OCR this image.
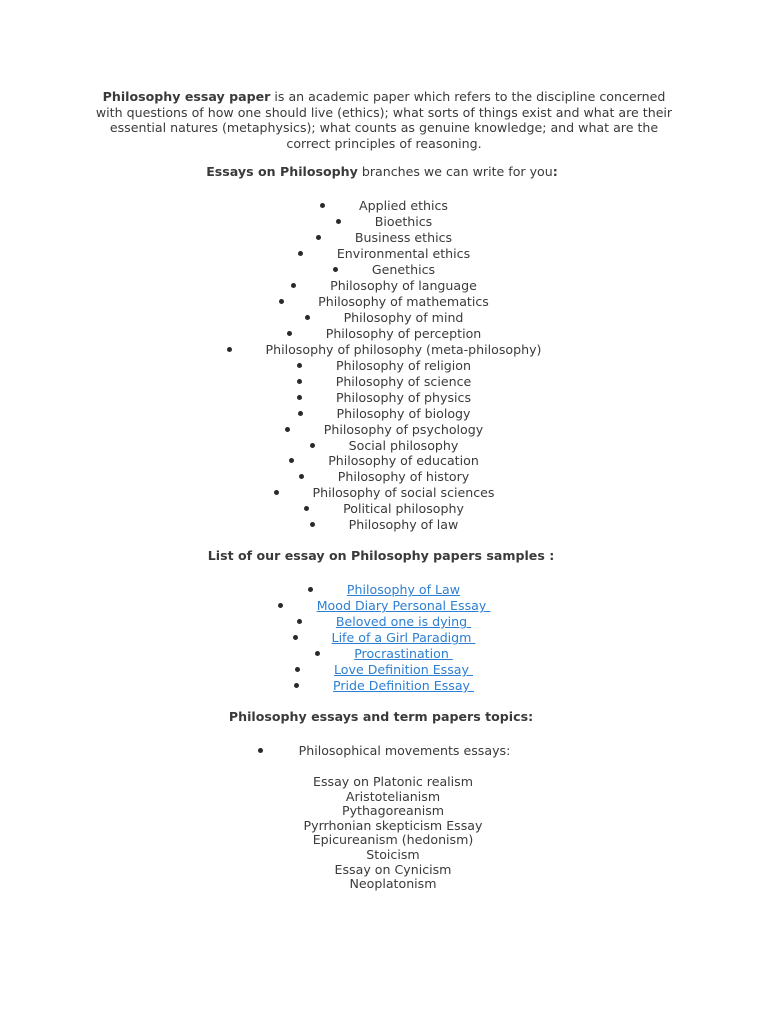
Philosophy essay paper is an academic paper which refers to the discipline concerned with questions of how one should live (ethics); what sorts of things exist and what are their essential natures (metaphysics); what counts as genuine knowledge; and what are the correct principles of reasoning.

Essays on Philosophy branches we can write for you:
Applied ethics
Bioethics
Business ethics
Environmental ethics
Genethics
Philosophy of language
Philosophy of mathematics
Philosophy of mind
Philosophy of perception
Philosophy of philosophy (meta-philosophy)
Philosophy of religion
Philosophy of science
Philosophy of physics
Philosophy of biology
Philosophy of psychology
Social philosophy
Philosophy of education
Philosophy of history
Philosophy of social sciences
Political philosophy
Philosophy of law
List of our essay on Philosophy papers samples :
Philosophy of Law
Mood Diary Personal Essay
Beloved one is dying
Life of a Girl Paradigm
Procrastination
Love Definition Essay
Pride Definition Essay
Philosophy essays and term papers topics:
Philosophical movements essays:
Essay on Platonic realism
Aristotelianism
Pythagoreanism
Pyrrhonian skepticism Essay
Epicureanism (hedonism)
Stoicism
Essay on Cynicism
Neoplatonism
